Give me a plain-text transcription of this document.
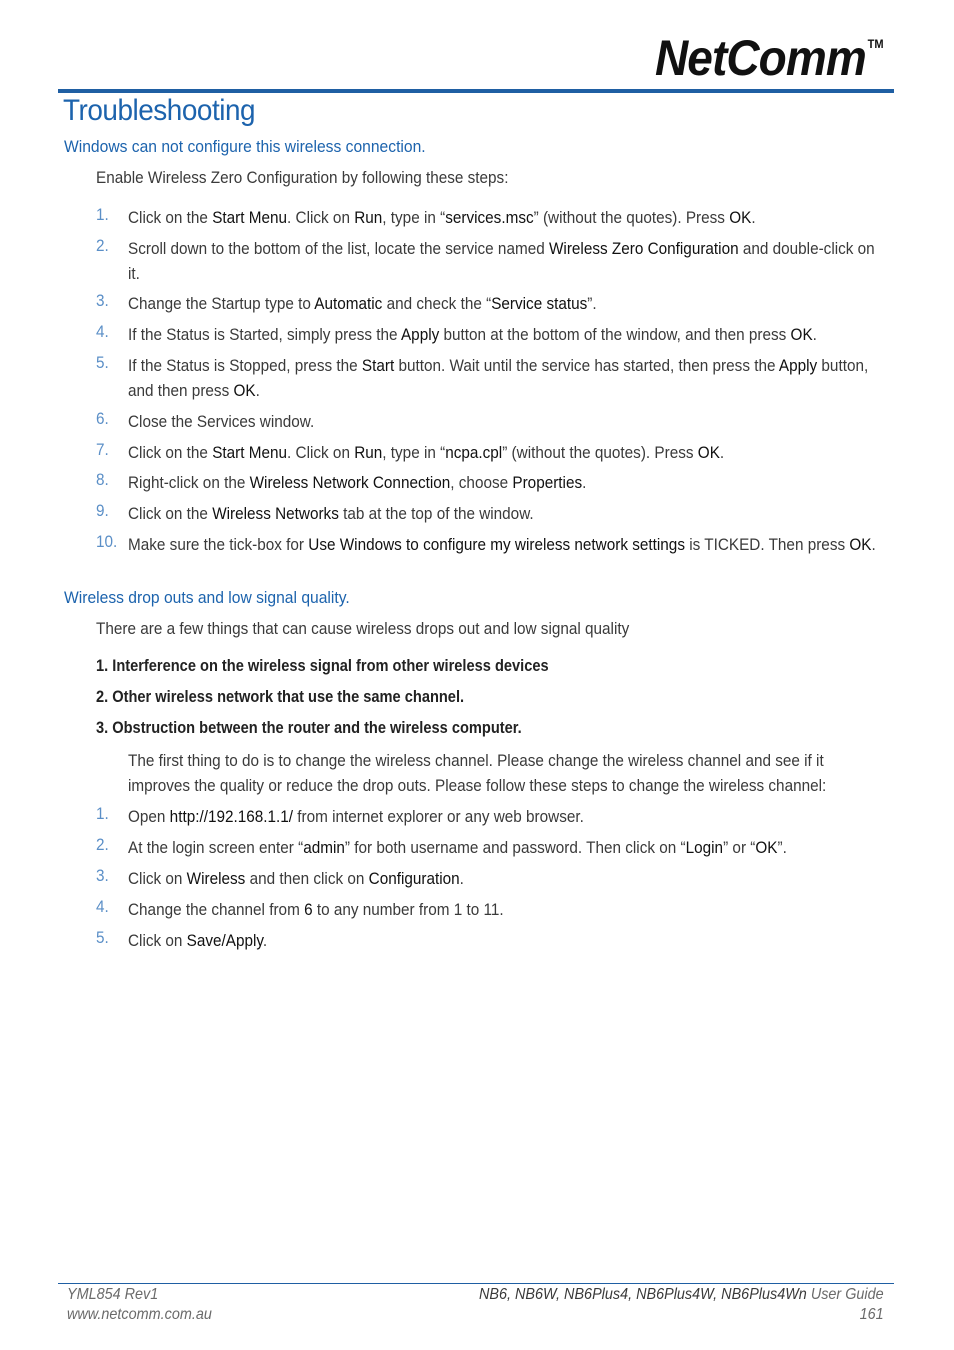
NetComm ™
Troubleshooting
Windows can not configure this wireless connection.
Enable Wireless Zero Configuration by following these steps:
1. Click on the Start Menu. Click on Run, type in “services.msc” (without the quotes). Press OK.
2. Scroll down to the bottom of the list, locate the service named Wireless Zero Configuration and double-click on it.
3. Change the Startup type to Automatic and check the “Service status”.
4. If the Status is Started, simply press the Apply button at the bottom of the window, and then press OK.
5. If the Status is Stopped, press the Start button. Wait until the service has started, then press the Apply button, and then press OK.
6. Close the Services window.
7. Click on the Start Menu. Click on Run, type in “ncpa.cpl” (without the quotes). Press OK.
8. Right-click on the Wireless Network Connection, choose Properties.
9. Click on the Wireless Networks tab at the top of the window.
10. Make sure the tick-box for Use Windows to configure my wireless network settings is TICKED. Then press OK.
Wireless drop outs and low signal quality.
There are a few things that can cause wireless drops out and low signal quality
1. Interference on the wireless signal from other wireless devices
2. Other wireless network that use the same channel.
3. Obstruction between the router and the wireless computer.
The first thing to do is to change the wireless channel. Please change the wireless channel and see if it improves the quality or reduce the drop outs. Please follow these steps to change the wireless channel:
1. Open http://192.168.1.1/ from internet explorer or any web browser.
2. At the login screen enter “admin” for both username and password. Then click on “Login” or “OK”.
3. Click on Wireless and then click on Configuration.
4. Change the channel from 6 to any number from 1 to 11.
5. Click on Save/Apply.
YML854 Rev1
www.netcomm.com.au
NB6, NB6W, NB6Plus4, NB6Plus4W, NB6Plus4Wn User Guide
161
